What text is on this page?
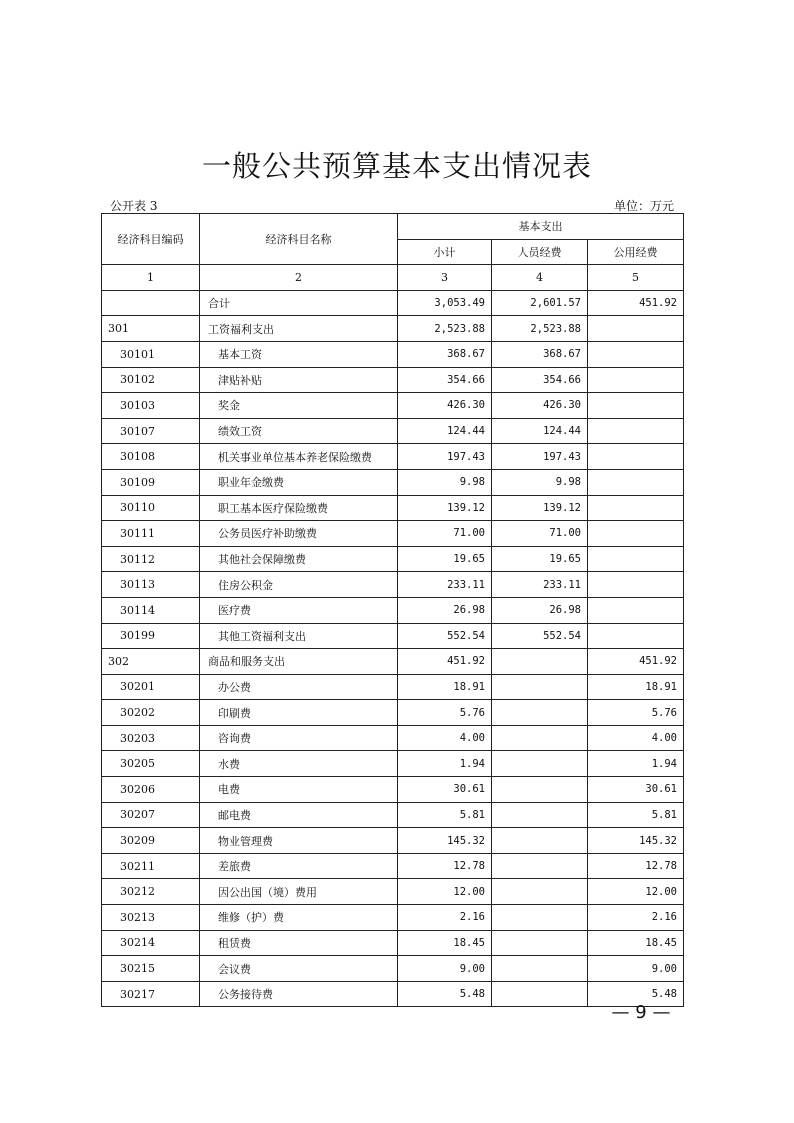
一般公共预算基本支出情况表
公开表 3	单位：万元
经济科目编码	经济科目名称	基本支出		
		小计	人员经费	公用经费
1	2	3	4	5
	合计	3,053.49	2,601.57	451.92
301	工资福利支出	2,523.88	2,523.88	
30101	基本工资	368.67	368.67	
30102	津贴补贴	354.66	354.66	
30103	奖金	426.30	426.30	
30107	绩效工资	124.44	124.44	
30108	机关事业单位基本养老保险缴费	197.43	197.43	
30109	职业年金缴费	9.98	9.98	
30110	职工基本医疗保险缴费	139.12	139.12	
30111	公务员医疗补助缴费	71.00	71.00	
30112	其他社会保障缴费	19.65	19.65	
30113	住房公积金	233.11	233.11	
30114	医疗费	26.98	26.98	
30199	其他工资福利支出	552.54	552.54	
302	商品和服务支出	451.92		451.92
30201	办公费	18.91		18.91
30202	印刷费	5.76		5.76
30203	咨询费	4.00		4.00
30205	水费	1.94		1.94
30206	电费	30.61		30.61
30207	邮电费	5.81		5.81
30209	物业管理费	145.32		145.32
30211	差旅费	12.78		12.78
30212	因公出国（境）费用	12.00		12.00
30213	维修（护）费	2.16		2.16
30214	租赁费	18.45		18.45
30215	会议费	9.00		9.00
30217	公务接待费	5.48		5.48
— 9 —
